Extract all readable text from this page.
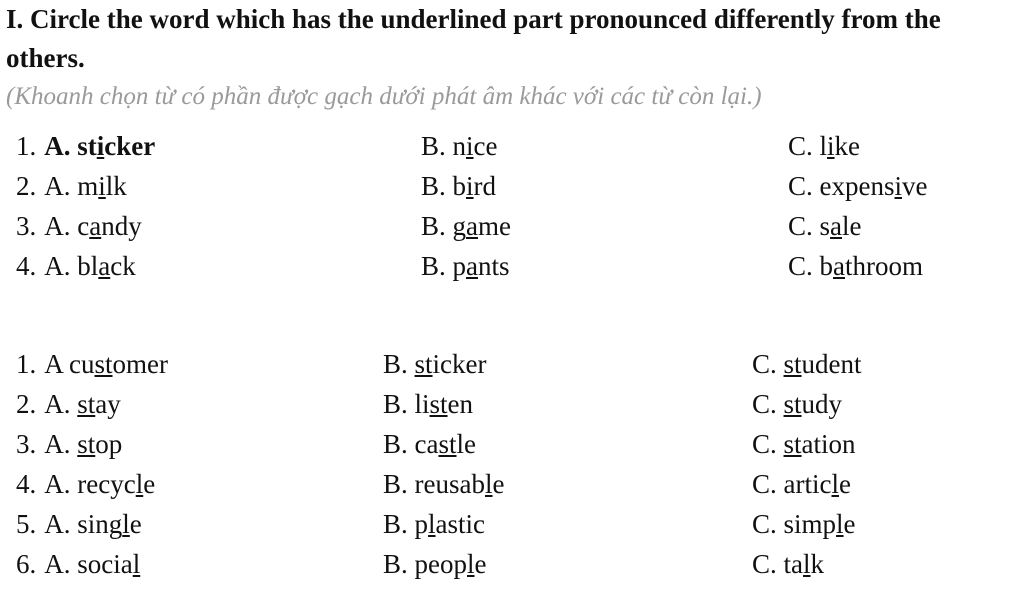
I. Circle the word which has the underlined part pronounced differently from the others.

(Khoanh chọn từ có phần được gạch dưới phát âm khác với các từ còn lại.)

1. A. sticker	B. nice	C. like
2. A. milk	B. bird	C. expensive
3. A. candy	B. game	C. sale
4. A. black	B. pants	C. bathroom
1. A customer	B. sticker	C. student
2. A. stay	B. listen	C. study
3. A. stop	B. castle	C. station
4. A. recycle	B. reusable	C. article
5. A. single	B. plastic	C. simple
6. A. social	B. people	C. talk
